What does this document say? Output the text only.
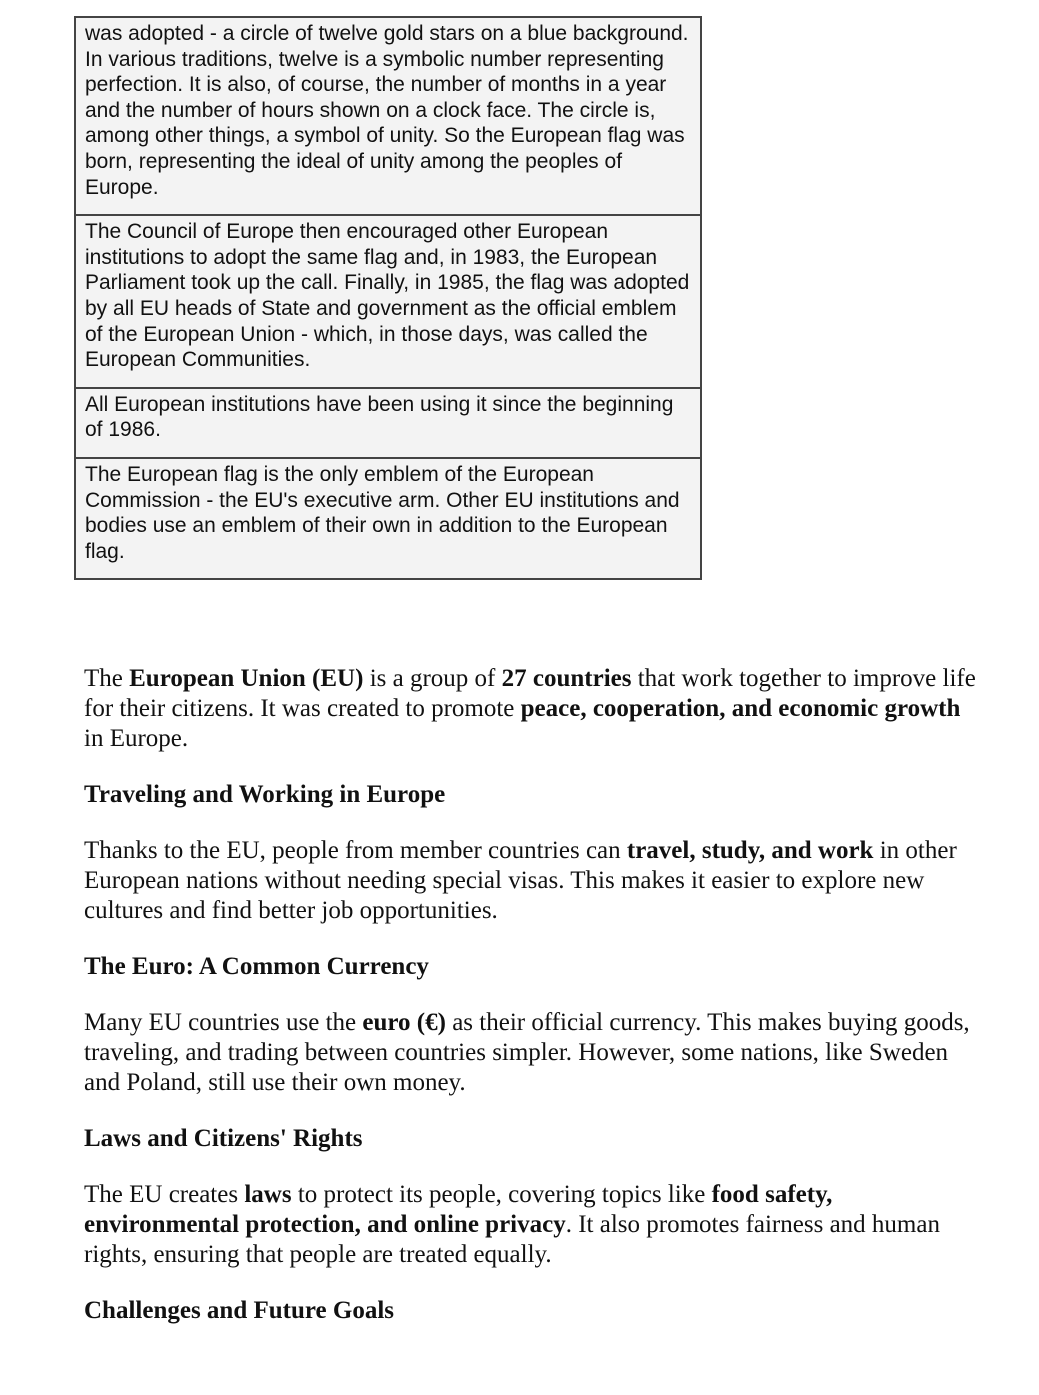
was adopted - a circle of twelve gold stars on a blue background. In various traditions, twelve is a symbolic number representing perfection. It is also, of course, the number of months in a year and the number of hours shown on a clock face. The circle is, among other things, a symbol of unity. So the European flag was born, representing the ideal of unity among the peoples of Europe.
The Council of Europe then encouraged other European institutions to adopt the same flag and, in 1983, the European Parliament took up the call. Finally, in 1985, the flag was adopted by all EU heads of State and government as the official emblem of the European Union - which, in those days, was called the European Communities.
All European institutions have been using it since the beginning of 1986.
The European flag is the only emblem of the European Commission - the EU's executive arm. Other EU institutions and bodies use an emblem of their own in addition to the European flag.

The European Union (EU) is a group of 27 countries that work together to improve life for their citizens. It was created to promote peace, cooperation, and economic growth in Europe.

Traveling and Working in Europe

Thanks to the EU, people from member countries can travel, study, and work in other European nations without needing special visas. This makes it easier to explore new cultures and find better job opportunities.

The Euro: A Common Currency

Many EU countries use the euro (€) as their official currency. This makes buying goods, traveling, and trading between countries simpler. However, some nations, like Sweden and Poland, still use their own money.

Laws and Citizens' Rights

The EU creates laws to protect its people, covering topics like food safety, environmental protection, and online privacy. It also promotes fairness and human rights, ensuring that people are treated equally.

Challenges and Future Goals
